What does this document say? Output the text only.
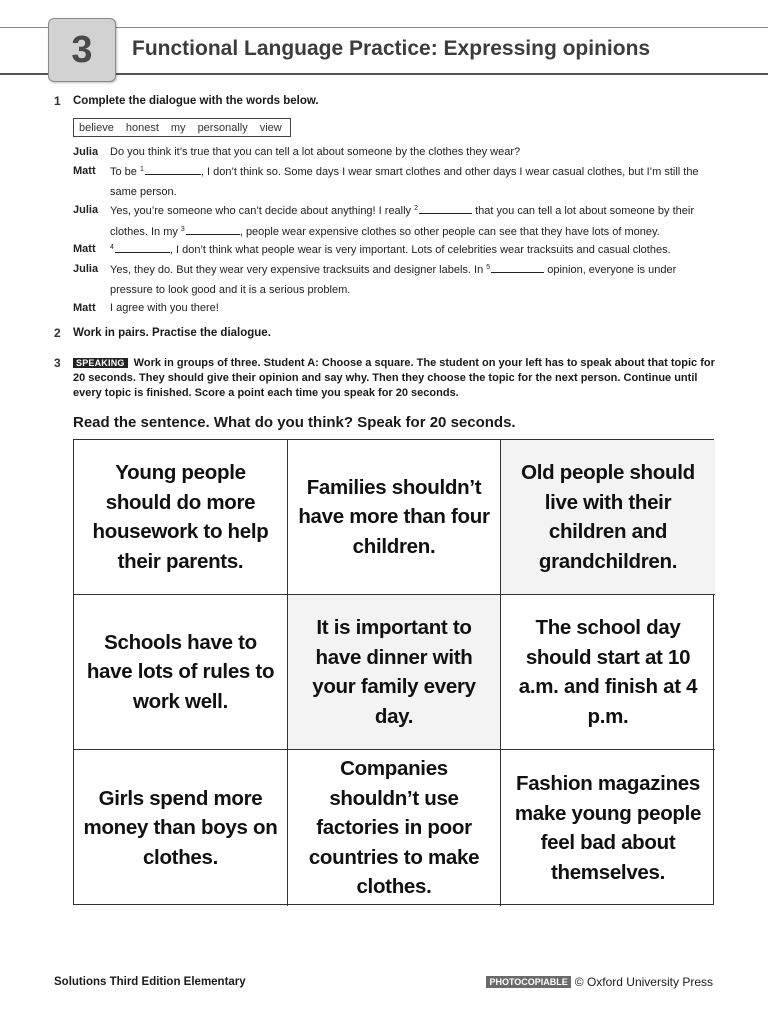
3 Functional Language Practice: Expressing opinions
1 Complete the dialogue with the words below.
believe honest my personally view
Julia Do you think it’s true that you can tell a lot about someone by the clothes they wear?
Matt To be $^1$	, I don’t think so. Some days I wear smart clothes and other days I wear casual clothes, but I’m still the same person.
Julia Yes, you’re someone who can’t decide about anything! I really $^2$	that you can tell a lot about someone by their clothes. In my $^3$	, people wear expensive clothes so other people can see that they have lots of money.
Matt $^4$	, I don’t think what people wear is very important. Lots of celebrities wear tracksuits and casual clothes.
Julia Yes, they do. But they wear very expensive tracksuits and designer labels. In $^5$	opinion, everyone is under pressure to look good and it is a serious problem.
Matt I agree with you there!
2 Work in pairs. Practise the dialogue.
3	SPEAKING Work in groups of three. Student A: Choose a square. The student on your left has to speak about that topic for 20 seconds. They should give their opinion and say why. Then they choose the topic for the next person. Continue until every topic is finished. Score a point each time you speak for 20 seconds.
Read the sentence. What do you think? Speak for 20 seconds.
Young people should do more housework to help their parents.
Families shouldn’t have more than four children.
Old people should live with their children and grandchildren.
Schools have to have lots of rules to work well.
It is important to have dinner with your family every day.
The school day should start at 10 a.m. and finish at 4 p.m.
Girls spend more money than boys on clothes.
Companies shouldn’t use factories in poor countries to make clothes.
Fashion magazines make young people feel bad about themselves.
Solutions Third Edition Elementary	PHOTOCOPIABLE © Oxford University Press
